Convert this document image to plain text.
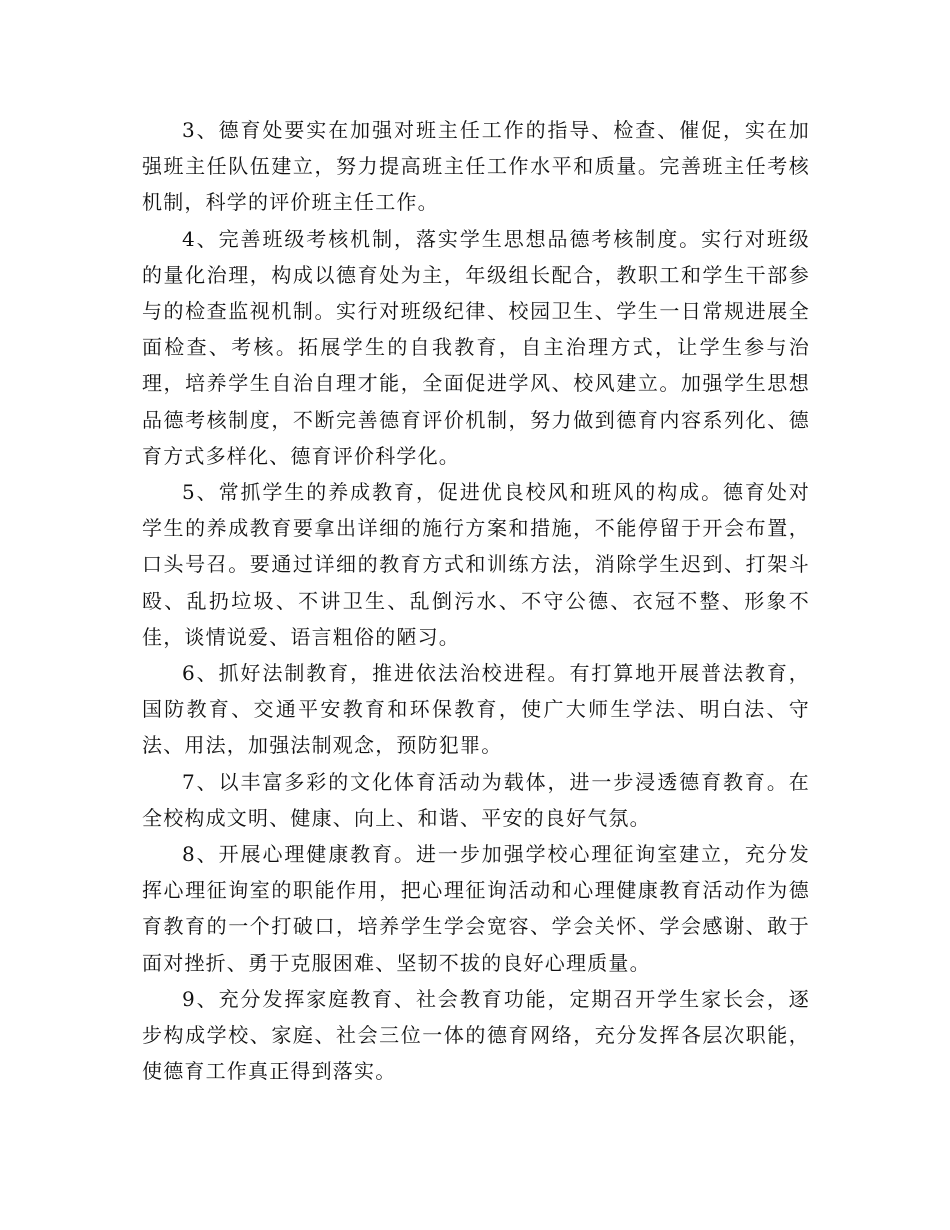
3、德育处要实在加强对班主任工作的指导、检查、催促，实在加强班主任队伍建立，努力提高班主任工作水平和质量。完善班主任考核机制，科学的评价班主任工作。

4、完善班级考核机制，落实学生思想品德考核制度。实行对班级的量化治理，构成以德育处为主，年级组长配合，教职工和学生干部参与的检查监视机制。实行对班级纪律、校园卫生、学生一日常规进展全面检查、考核。拓展学生的自我教育，自主治理方式，让学生参与治理，培养学生自治自理才能，全面促进学风、校风建立。加强学生思想品德考核制度，不断完善德育评价机制，努力做到德育内容系列化、德育方式多样化、德育评价科学化。

5、常抓学生的养成教育，促进优良校风和班风的构成。德育处对学生的养成教育要拿出详细的施行方案和措施，不能停留于开会布置，口头号召。要通过详细的教育方式和训练方法，消除学生迟到、打架斗殴、乱扔垃圾、不讲卫生、乱倒污水、不守公德、衣冠不整、形象不佳，谈情说爱、语言粗俗的陋习。

6、抓好法制教育，推进依法治校进程。有打算地开展普法教育，国防教育、交通平安教育和环保教育，使广大师生学法、明白法、守法、用法，加强法制观念，预防犯罪。

7、以丰富多彩的文化体育活动为载体，进一步浸透德育教育。在全校构成文明、健康、向上、和谐、平安的良好气氛。

8、开展心理健康教育。进一步加强学校心理征询室建立，充分发挥心理征询室的职能作用，把心理征询活动和心理健康教育活动作为德育教育的一个打破口，培养学生学会宽容、学会关怀、学会感谢、敢于面对挫折、勇于克服困难、坚韧不拔的良好心理质量。

9、充分发挥家庭教育、社会教育功能，定期召开学生家长会，逐步构成学校、家庭、社会三位一体的德育网络，充分发挥各层次职能，使德育工作真正得到落实。
